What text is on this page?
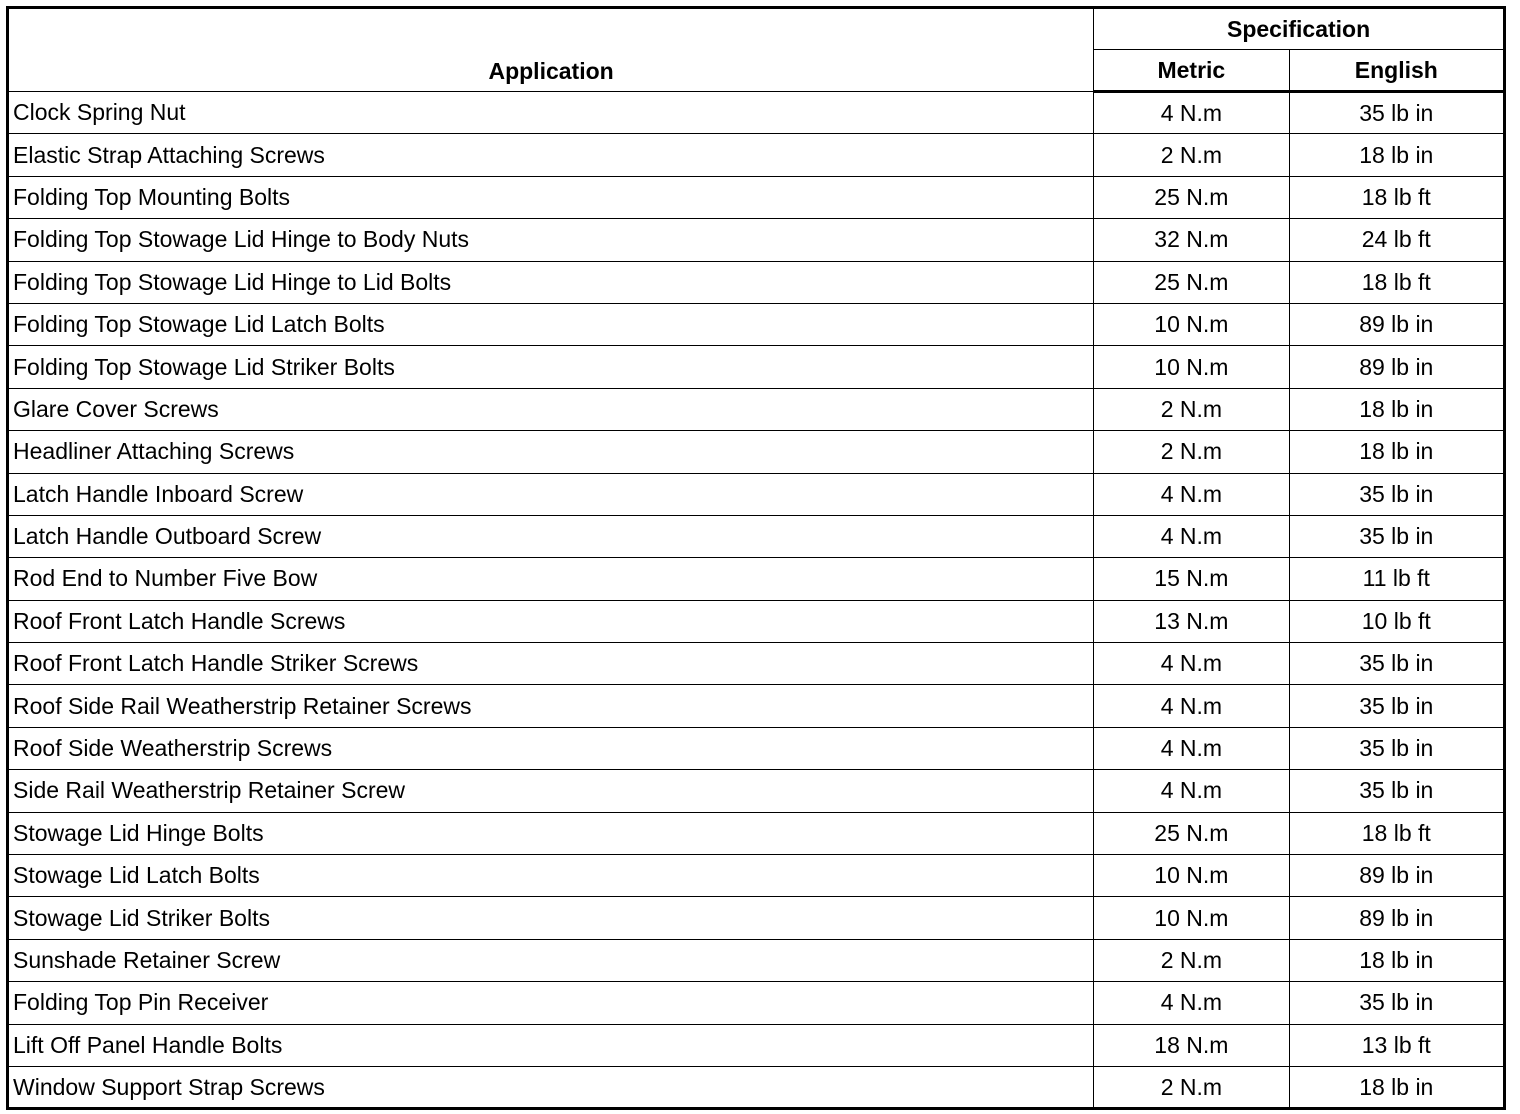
Application	Specification	
	Metric	English
Clock Spring Nut	4 N.m	35 lb in
Elastic Strap Attaching Screws	2 N.m	18 lb in
Folding Top Mounting Bolts	25 N.m	18 lb ft
Folding Top Stowage Lid Hinge to Body Nuts	32 N.m	24 lb ft
Folding Top Stowage Lid Hinge to Lid Bolts	25 N.m	18 lb ft
Folding Top Stowage Lid Latch Bolts	10 N.m	89 lb in
Folding Top Stowage Lid Striker Bolts	10 N.m	89 lb in
Glare Cover Screws	2 N.m	18 lb in
Headliner Attaching Screws	2 N.m	18 lb in
Latch Handle Inboard Screw	4 N.m	35 lb in
Latch Handle Outboard Screw	4 N.m	35 lb in
Rod End to Number Five Bow	15 N.m	11 lb ft
Roof Front Latch Handle Screws	13 N.m	10 lb ft
Roof Front Latch Handle Striker Screws	4 N.m	35 lb in
Roof Side Rail Weatherstrip Retainer Screws	4 N.m	35 lb in
Roof Side Weatherstrip Screws	4 N.m	35 lb in
Side Rail Weatherstrip Retainer Screw	4 N.m	35 lb in
Stowage Lid Hinge Bolts	25 N.m	18 lb ft
Stowage Lid Latch Bolts	10 N.m	89 lb in
Stowage Lid Striker Bolts	10 N.m	89 lb in
Sunshade Retainer Screw	2 N.m	18 lb in
Folding Top Pin Receiver	4 N.m	35 lb in
Lift Off Panel Handle Bolts	18 N.m	13 lb ft
Window Support Strap Screws	2 N.m	18 lb in
